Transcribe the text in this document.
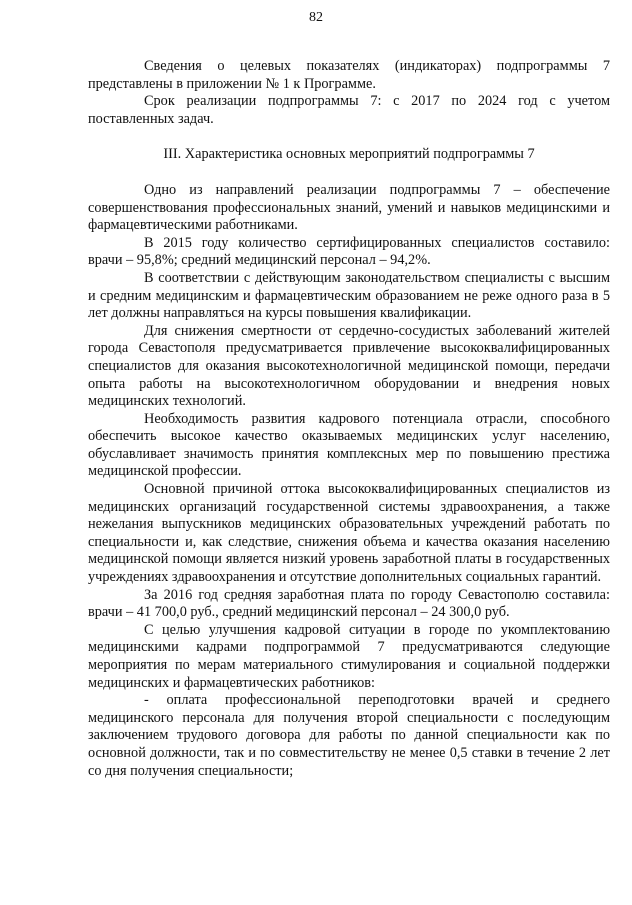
82

Сведения о целевых показателях (индикаторах) подпрограммы 7 представлены в приложении № 1 к Программе.

Срок реализации подпрограммы 7: с 2017 по 2024 год с учетом поставленных задач.

III. Характеристика основных мероприятий подпрограммы 7

Одно из направлений реализации подпрограммы 7 – обеспечение совершенствования профессиональных знаний, умений и навыков медицинскими и фармацевтическими работниками.

В 2015 году количество сертифицированных специалистов составило: врачи – 95,8%; средний медицинский персонал – 94,2%.

В соответствии с действующим законодательством специалисты с высшим и средним медицинским и фармацевтическим образованием не реже одного раза в 5 лет должны направляться на курсы повышения квалификации.

Для снижения смертности от сердечно-сосудистых заболеваний жителей города Севастополя предусматривается привлечение высококвалифицированных специалистов для оказания высокотехнологичной медицинской помощи, передачи опыта работы на высокотехнологичном оборудовании и внедрения новых медицинских технологий.

Необходимость развития кадрового потенциала отрасли, способного обеспечить высокое качество оказываемых медицинских услуг населению, обуславливает значимость принятия комплексных мер по повышению престижа медицинской профессии.

Основной причиной оттока высококвалифицированных специалистов из медицинских организаций государственной системы здравоохранения, а также нежелания выпускников медицинских образовательных учреждений работать по специальности и, как следствие, снижения объема и качества оказания населению медицинской помощи является низкий уровень заработной платы в государственных учреждениях здравоохранения и отсутствие дополнительных социальных гарантий.

За 2016 год средняя заработная плата по городу Севастополю составила: врачи – 41 700,0 руб., средний медицинский персонал – 24 300,0 руб.

С целью улучшения кадровой ситуации в городе по укомплектованию медицинскими кадрами подпрограммой 7 предусматриваются следующие мероприятия по мерам материального стимулирования и социальной поддержки медицинских и фармацевтических работников:

- оплата профессиональной переподготовки врачей и среднего медицинского персонала для получения второй специальности с последующим заключением трудового договора для работы по данной специальности как по основной должности, так и по совместительству не менее 0,5 ставки в течение 2 лет со дня получения специальности;
